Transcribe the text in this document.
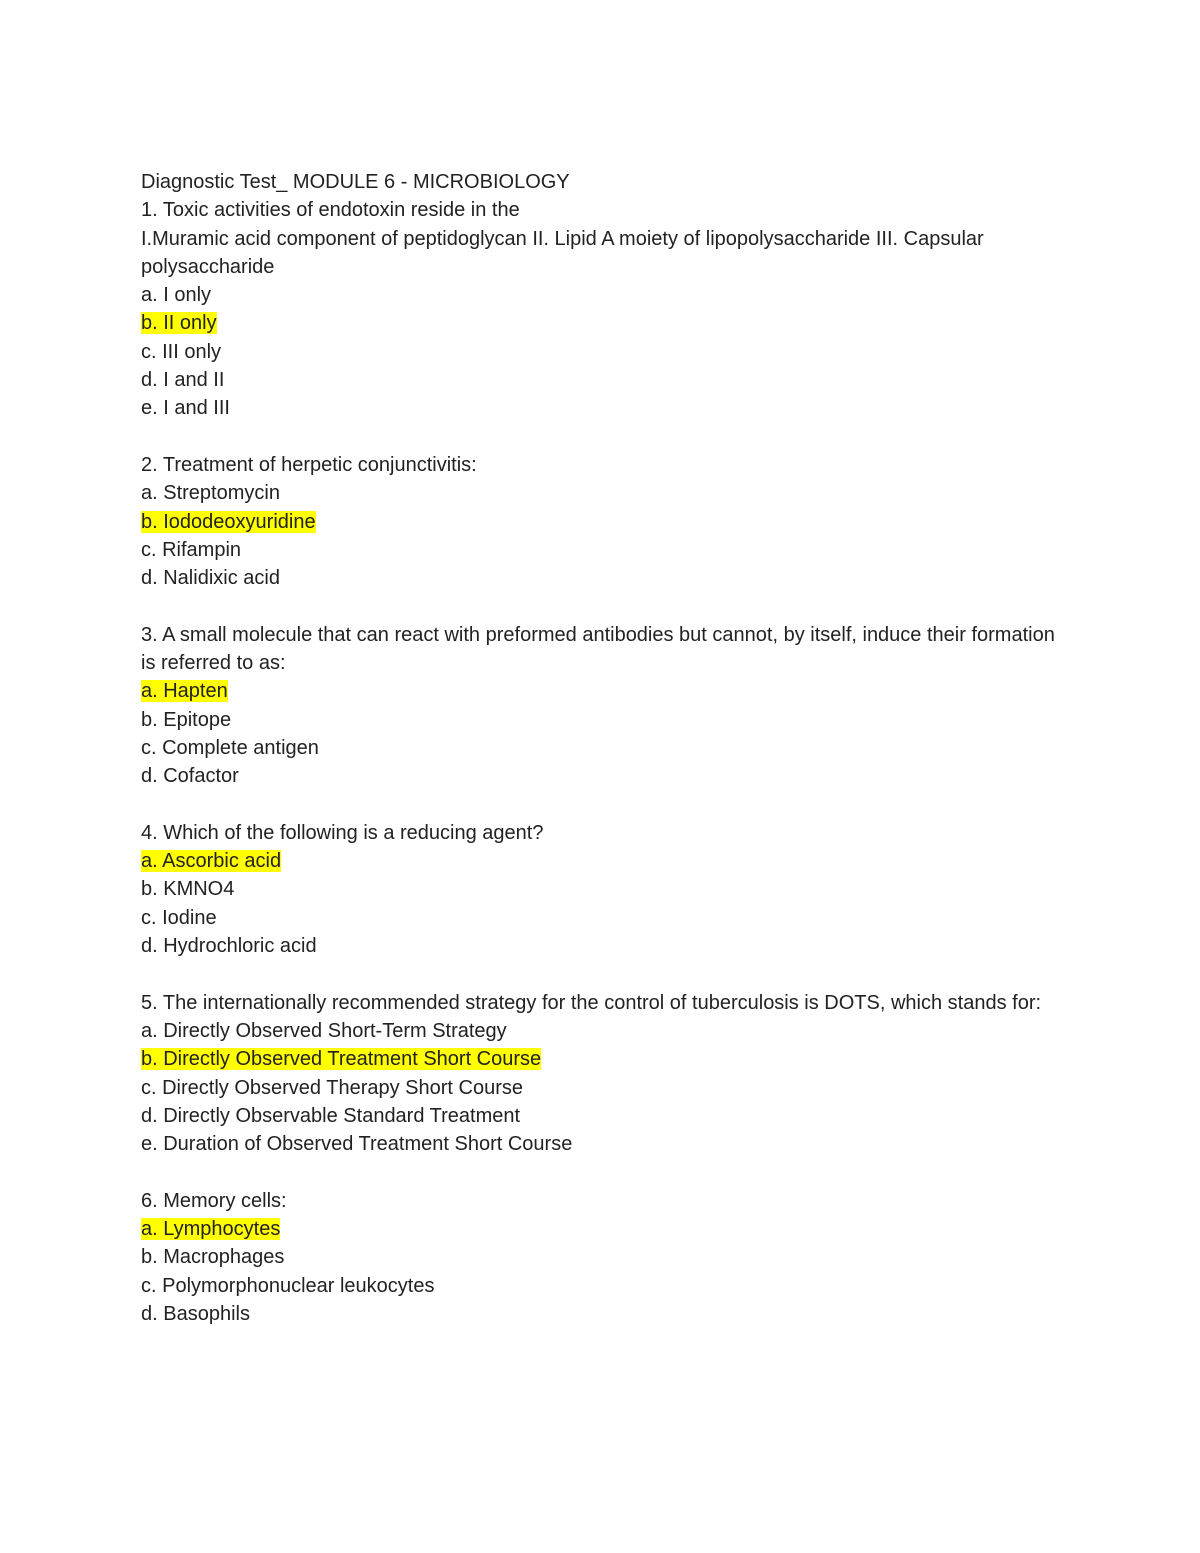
Diagnostic Test_ MODULE 6 - MICROBIOLOGY
1. Toxic activities of endotoxin reside in the
I.Muramic acid component of peptidoglycan II. Lipid A moiety of lipopolysaccharide III. Capsular polysaccharide
a. I only
b. II only
c. III only
d. I and II
e. I and III
2. Treatment of herpetic conjunctivitis:
a. Streptomycin
b. Iododeoxyuridine
c. Rifampin
d. Nalidixic acid
3. A small molecule that can react with preformed antibodies but cannot, by itself, induce their formation is referred to as:
a. Hapten
b. Epitope
c. Complete antigen
d. Cofactor
4. Which of the following is a reducing agent?
a. Ascorbic acid
b. KMNO4
c. Iodine
d. Hydrochloric acid
5. The internationally recommended strategy for the control of tuberculosis is DOTS, which stands for:
a. Directly Observed Short-Term Strategy
b. Directly Observed Treatment Short Course
c. Directly Observed Therapy Short Course
d. Directly Observable Standard Treatment
e. Duration of Observed Treatment Short Course
6. Memory cells:
a. Lymphocytes
b. Macrophages
c. Polymorphonuclear leukocytes
d. Basophils
